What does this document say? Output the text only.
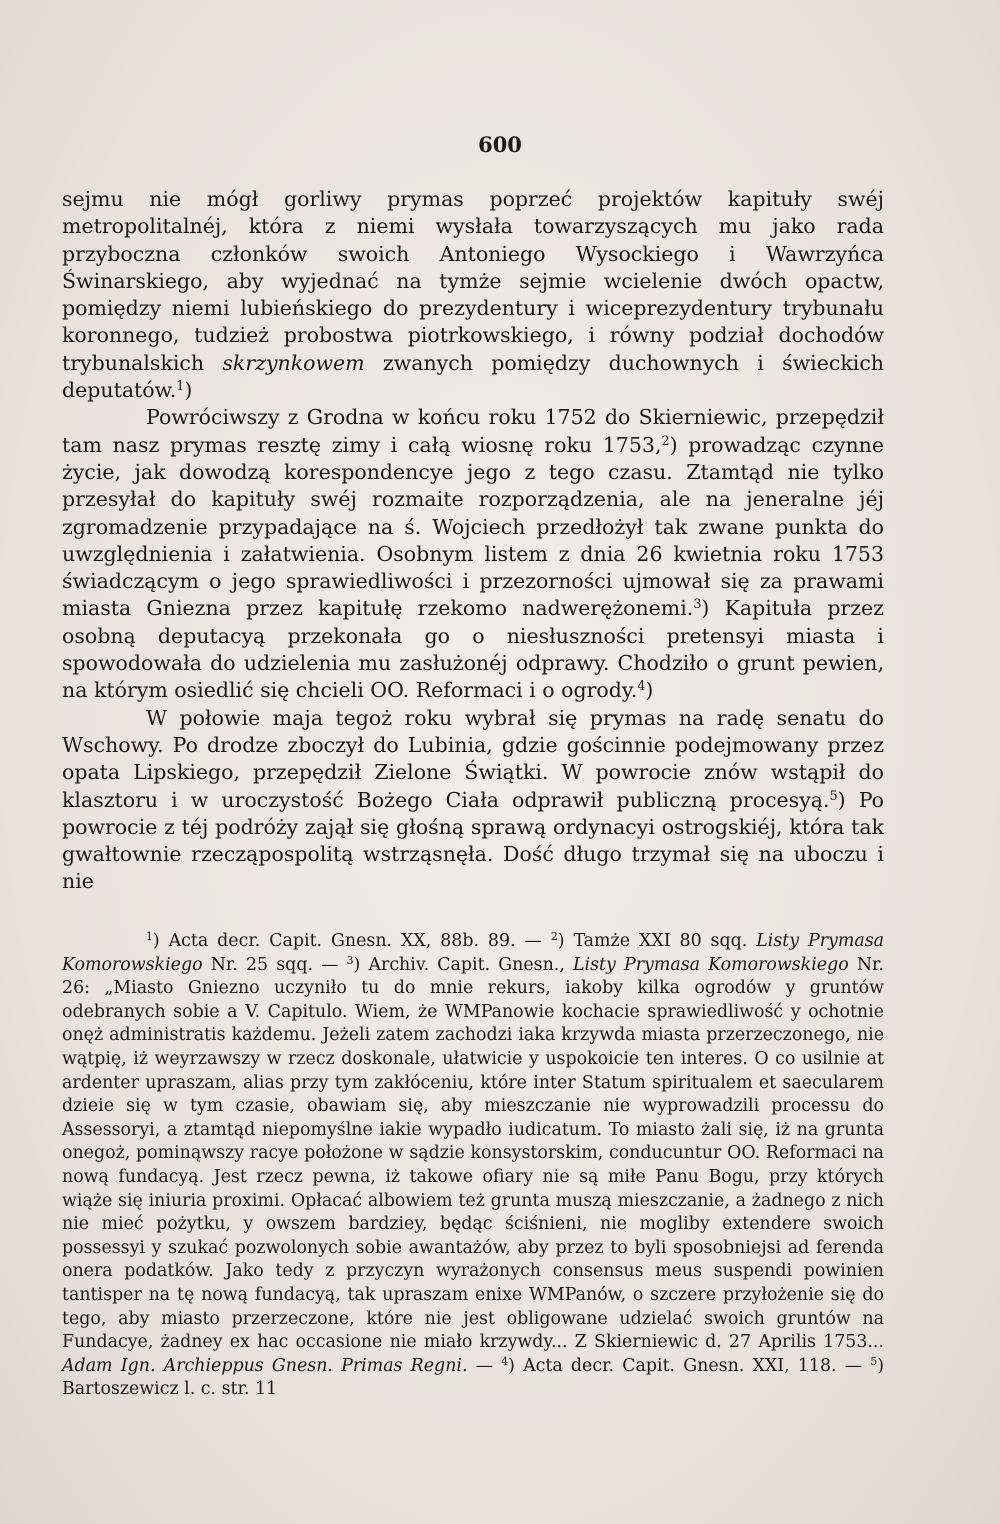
600

sejmu nie mógł gorliwy prymas poprzeć projektów kapituły swéj metropolitalnéj, która z niemi wysłała towarzyszących mu jako rada przyboczna członków swoich Antoniego Wysockiego i Wawrzyńca Świnarskiego, aby wyjednać na tymże sejmie wcielenie dwóch opactw, pomiędzy niemi lubieńskiego do prezydentury i wiceprezydentury trybunału koronnego, tudzież probostwa piotrkowskiego, i równy podział dochodów trybunalskich skrzynkowem zwanych pomiędzy duchownych i świeckich deputatów.$^1$)

Powróciwszy z Grodna w końcu roku 1752 do Skierniewic, przepędził tam nasz prymas resztę zimy i całą wiosnę roku 1753,$^2$) prowadząc czynne życie, jak dowodzą korespondencye jego z tego czasu. Ztamtąd nie tylko przesyłał do kapituły swéj rozmaite rozporządzenia, ale na jeneralne jéj zgromadzenie przypadające na ś. Wojciech przedłożył tak zwane punkta do uwzględnienia i załatwienia. Osobnym listem z dnia 26 kwietnia roku 1753 świadczącym o jego sprawiedliwości i przezorności ujmował się za prawami miasta Gniezna przez kapitułę rzekomo nadwerężonemi.$^3$) Kapituła przez osobną deputacyą przekonała go o niesłuszności pretensyi miasta i spowodowała do udzielenia mu zasłużonéj odprawy. Chodziło o grunt pewien, na którym osiedlić się chcieli OO. Reformaci i o ogrody.$^4$)

W połowie maja tegoż roku wybrał się prymas na radę senatu do Wschowy. Po drodze zboczył do Lubinia, gdzie gościnnie podejmowany przez opata Lipskiego, przepędził Zielone Świątki. W powrocie znów wstąpił do klasztoru i w uroczystość Bożego Ciała odprawił publiczną procesyą.$^5$) Po powrocie z téj podróży zajął się głośną sprawą ordynacyi ostrogskiéj, która tak gwałtownie rzecząpospolitą wstrząsnęła. Dość długo trzymał się na uboczu i nie

$^1$) Acta decr. Capit. Gnesn. XX, 88b. 89. — $^2$) Tamże XXI 80 sqq. Listy Prymasa Komorowskiego Nr. 25 sqq. — $^3$) Archiv. Capit. Gnesn., Listy Prymasa Komorowskiego Nr. 26: „Miasto Gniezno uczyniło tu do mnie rekurs, iakoby kilka ogrodów y gruntów odebranych sobie a V. Capitulo. Wiem, że WMPanowie kochacie sprawiedliwość y ochotnie onęż administratis każdemu. Jeżeli zatem zachodzi iaka krzywda miasta przerzeczonego, nie wątpię, iż weyrzawszy w rzecz doskonale, ułatwicie y uspokoicie ten interes. O co usilnie at ardenter upraszam, alias przy tym zakłóceniu, które inter Statum spiritualem et saecularem dzieie się w tym czasie, obawiam się, aby mieszczanie nie wyprowadzili processu do Assessoryi, a ztamtąd niepomyślne iakie wypadło iudicatum. To miasto żali się, iż na grunta onegoż, pominąwszy racye położone w sądzie konsystorskim, conducuntur OO. Reformaci na nową fundacyą. Jest rzecz pewna, iż takowe ofiary nie są miłe Panu Bogu, przy których wiąże się iniuria proximi. Opłacać albowiem też grunta muszą mieszczanie, a żadnego z nich nie mieć pożytku, y owszem bardziey, będąc ściśnieni, nie mogliby extendere swoich possessyi y szukać pozwolonych sobie awantażów, aby przez to byli sposobniejsi ad ferenda onera podatków. Jako tedy z przyczyn wyrażonych consensus meus suspendi powinien tantisper na tę nową fundacyą, tak upraszam enixe WMPanów, o szczere przyłożenie się do tego, aby miasto przerzeczone, które nie jest obligowane udzielać swoich gruntów na Fundacye, żadney ex hac occasione nie miało krzywdy... Z Skierniewic d. 27 Aprilis 1753... Adam Ign. Archieppus Gnesn. Primas Regni. — $^4$) Acta decr. Capit. Gnesn. XXI, 118. — $^5$) Bartoszewicz l. c. str. 11
